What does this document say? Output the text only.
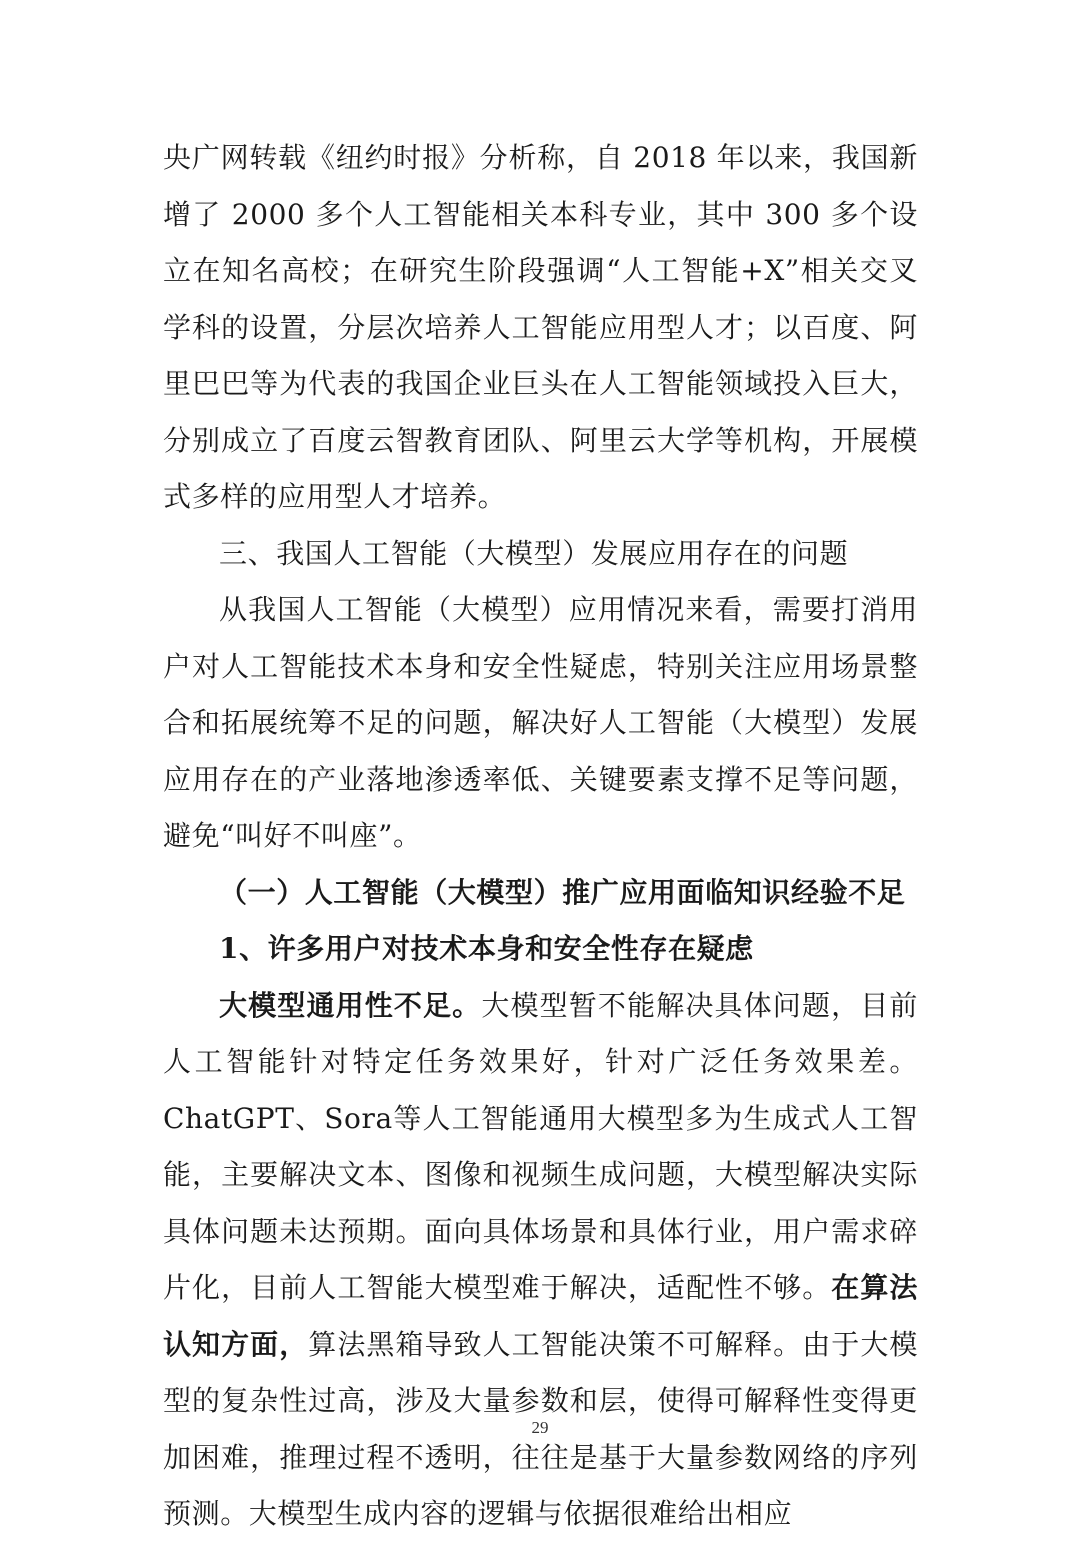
央广网转载《纽约时报》分析称，自 2018 年以来，我国新增了 2000 多个人工智能相关本科专业，其中 300 多个设立在知名高校；在研究生阶段强调“人工智能+X”相关交叉学科的设置，分层次培养人工智能应用型人才；以百度、阿里巴巴等为代表的我国企业巨头在人工智能领域投入巨大，分别成立了百度云智教育团队、阿里云大学等机构，开展模式多样的应用型人才培养。

三、我国人工智能（大模型）发展应用存在的问题

从我国人工智能（大模型）应用情况来看，需要打消用户对人工智能技术本身和安全性疑虑，特别关注应用场景整合和拓展统筹不足的问题，解决好人工智能（大模型）发展应用存在的产业落地渗透率低、关键要素支撑不足等问题，避免“叫好不叫座”。

（一）人工智能（大模型）推广应用面临知识经验不足

1、许多用户对技术本身和安全性存在疑虑

大模型通用性不足。大模型暂不能解决具体问题，目前人工智能针对特定任务效果好，针对广泛任务效果差。ChatGPT、Sora等人工智能通用大模型多为生成式人工智能，主要解决文本、图像和视频生成问题，大模型解决实际具体问题未达预期。面向具体场景和具体行业，用户需求碎片化，目前人工智能大模型难于解决，适配性不够。在算法认知方面，算法黑箱导致人工智能决策不可解释。由于大模型的复杂性过高，涉及大量参数和层，使得可解释性变得更加困难，推理过程不透明，往往是基于大量参数网络的序列预测。大模型生成内容的逻辑与依据很难给出相应

29
